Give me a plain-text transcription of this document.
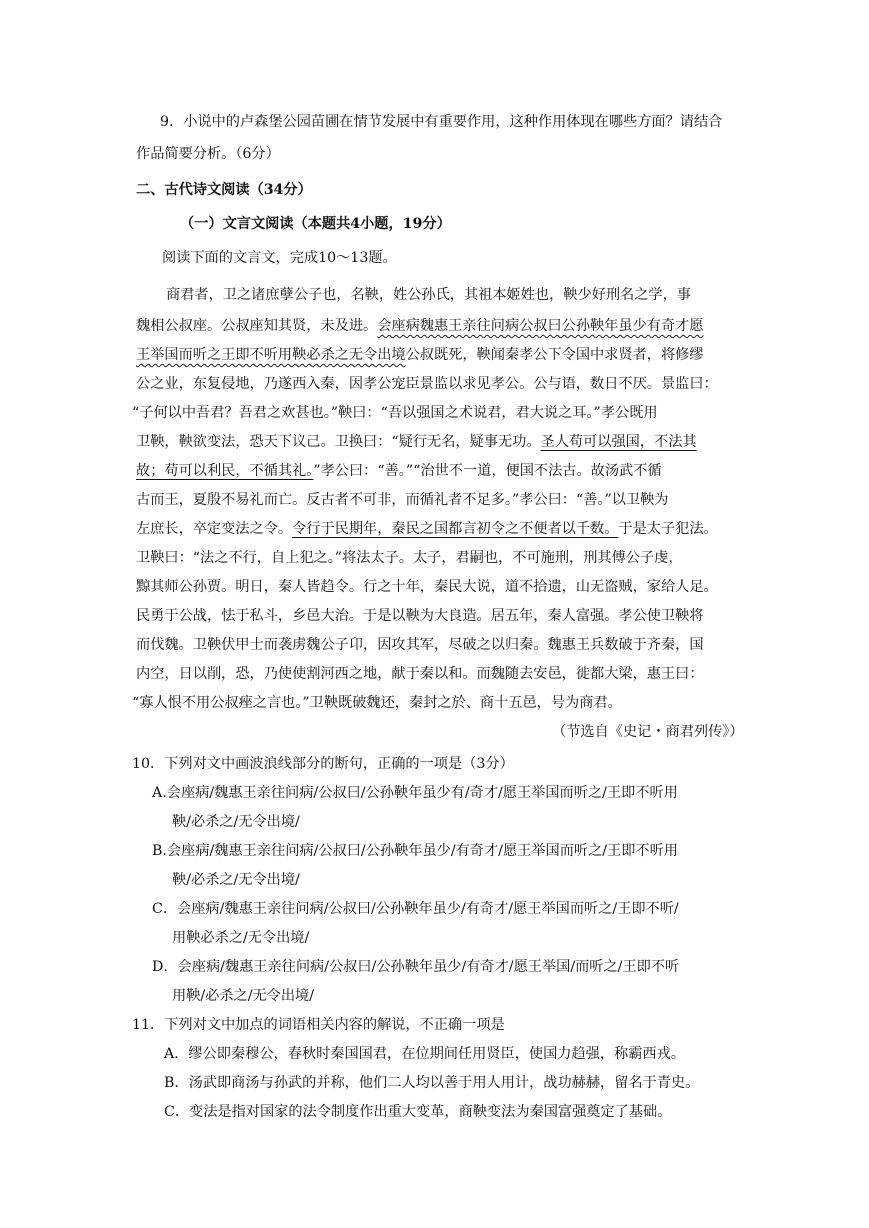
9．小说中的卢森堡公园苗圃在情节发展中有重要作用，这种作用体现在哪些方面？请结合
作品简要分析。（6分）
二、古代诗文阅读（34分）
（一）文言文阅读（本题共4小题，19分）
阅读下面的文言文，完成10～13题。
商君者，卫之诸庶孽公子也，名鞅，姓公孙氏，其祖本姬姓也，鞅少好刑名之学，事
魏相公叔座。公叔座知其贤，未及进。会座病魏惠王亲往问病公叔曰公孙鞅年虽少有奇才愿
王举国而听之王即不听用鞅必杀之无令出境公叔既死，鞅闻秦孝公下令国中求贤者，将修缪
公之业，东复侵地，乃遂西入秦，因孝公宠臣景监以求见孝公。公与语，数日不厌。景监曰：
“子何以中吾君？吾君之欢甚也。”鞅曰：“吾以强国之术说君，君大说之耳。”孝公既用
卫鞅，鞅欲变法，恐天下议己。卫换曰：“疑行无名，疑事无功。圣人苟可以强国，不法其
故；苟可以利民，不循其礼。”孝公曰：“善。”“治世不一道，便国不法古。故汤武不循
古而王，夏殷不易礼而亡。反古者不可非，而循礼者不足多。”孝公曰：“善。”以卫鞅为
左庶长，卒定变法之令。令行于民期年，秦民之国都言初令之不便者以千数。于是太子犯法。
卫鞅曰：“法之不行，自上犯之。”将法太子。太子，君嗣也，不可施刑，刑其傅公子虔，
黥其师公孙贾。明日，秦人皆趋令。行之十年，秦民大说，道不拾遗，山无盗贼，家给人足。
民勇于公战，怯于私斗，乡邑大治。于是以鞅为大良造。居五年，秦人富强。孝公使卫鞅将
而伐魏。卫鞅伏甲士而袭虏魏公子卬，因攻其军，尽破之以归秦。魏惠王兵数破于齐秦，国
内空，日以削，恐，乃使使割河西之地，献于秦以和。而魏随去安邑，徙都大梁，惠王曰：
“寡人恨不用公叔痤之言也。”卫鞅既破魏还，秦封之於、商十五邑，号为商君。
（节选自《史记・商君列传》）
10．下列对文中画波浪线部分的断句，正确的一项是（3分）
A.会座病/魏惠王亲往问病/公叔曰/公孙鞅年虽少有/奇才/愿王举国而听之/王即不听用
鞅/必杀之/无令出境/
B.会座病/魏惠王亲往问病/公叔曰/公孙鞅年虽少/有奇才/愿王举国而听之/王即不听用
鞅/必杀之/无令出境/
C．会座病/魏惠王亲往问病/公叔曰/公孙鞅年虽少/有奇才/愿王举国而听之/王即不听/
用鞅必杀之/无令出境/
D．会座病/魏惠王亲往问病/公叔曰/公孙鞅年虽少/有奇才/愿王举国/而听之/王即不听
用鞅/必杀之/无令出境/
11．下列对文中加点的词语相关内容的解说，不正确一项是
A．缪公即秦穆公，春秋时秦国国君，在位期间任用贤臣，使国力趋强，称霸西戎。
B．汤武即商汤与孙武的并称，他们二人均以善于用人用计，战功赫赫，留名于青史。
C．变法是指对国家的法令制度作出重大变革，商鞅变法为秦国富强奠定了基础。
